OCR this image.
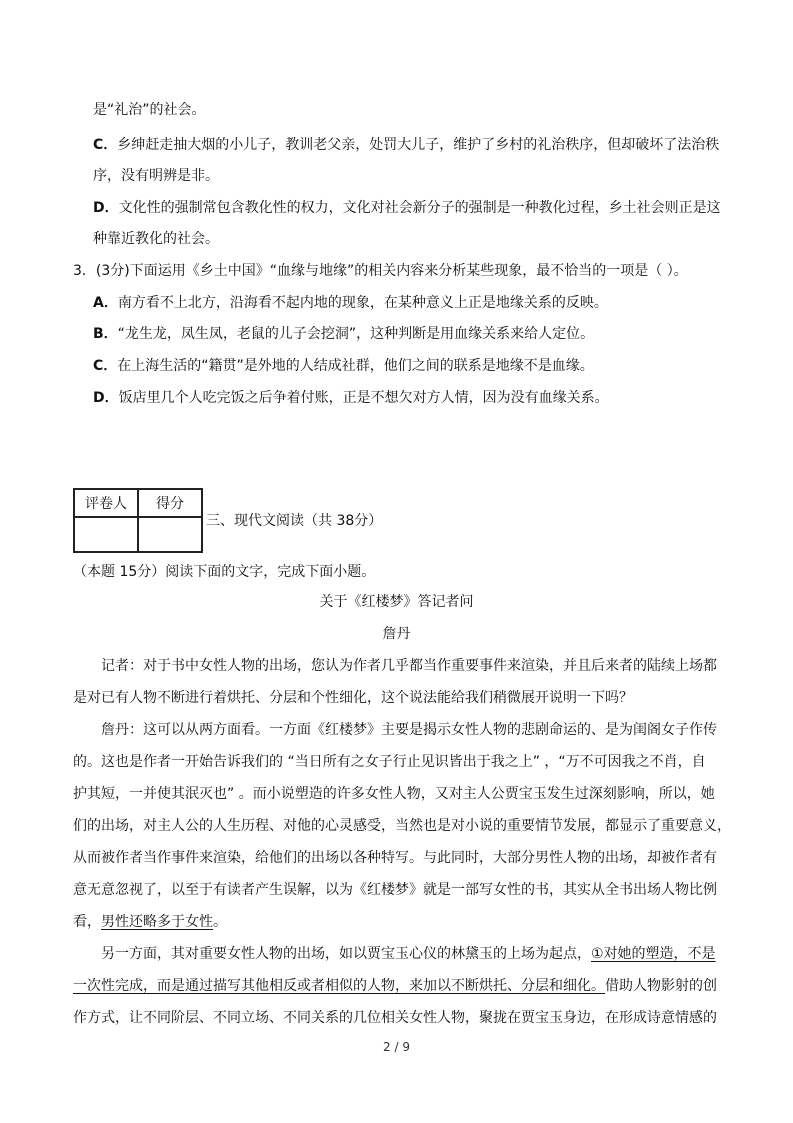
是“礼治”的社会。
C．乡绅赶走抽大烟的小儿子，教训老父亲，处罚大儿子，维护了乡村的礼治秩序，但却破坏了法治秩
序，没有明辨是非。
D．文化性的强制常包含教化性的权力，文化对社会新分子的强制是一种教化过程，乡土社会则正是这
种靠近教化的社会。
3．(3分)下面运用《乡土中国》“血缘与地缘”的相关内容来分析某些现象，最不恰当的一项是（ ）。
A．南方看不上北方，沿海看不起内地的现象，在某种意义上正是地缘关系的反映。
B．“龙生龙，凤生凤，老鼠的儿子会挖洞”，这种判断是用血缘关系来给人定位。
C．在上海生活的“籍贯”是外地的人结成社群，他们之间的联系是地缘不是血缘。
D．饭店里几个人吃完饭之后争着付账，正是不想欠对方人情，因为没有血缘关系。
评卷人	得分

三、现代文阅读（共 38分）
（本题 15分）阅读下面的文字，完成下面小题。
关于《红楼梦》答记者问
詹丹
记者：对于书中女性人物的出场，您认为作者几乎都当作重要事件来渲染，并且后来者的陆续上场都
是对已有人物不断进行着烘托、分层和个性细化，这个说法能给我们稍微展开说明一下吗？
詹丹：这可以从两方面看。一方面《红楼梦》主要是揭示女性人物的悲剧命运的、是为闺阁女子作传
的。这也是作者一开始告诉我们的 “当日所有之女子行止见识皆出于我之上” ，“万不可因我之不肖，自
护其短，一并使其泯灭也” 。而小说塑造的许多女性人物，又对主人公贾宝玉发生过深刻影响，所以，她
们的出场，对主人公的人生历程、对他的心灵感受，当然也是对小说的重要情节发展，都显示了重要意义，
从而被作者当作事件来渲染，给他们的出场以各种特写。与此同时，大部分男性人物的出场，却被作者有
意无意忽视了，以至于有读者产生误解，以为《红楼梦》就是一部写女性的书，其实从全书出场人物比例
看，男性还略多于女性。
另一方面，其对重要女性人物的出场，如以贾宝玉心仪的林黛玉的上场为起点，①对她的塑造，不是
一次性完成，而是通过描写其他相反或者相似的人物，来加以不断烘托、分层和细化。借助人物影射的创
作方式，让不同阶层、不同立场、不同关系的几位相关女性人物，聚拢在贾宝玉身边，在形成诗意情感的
2 / 9
